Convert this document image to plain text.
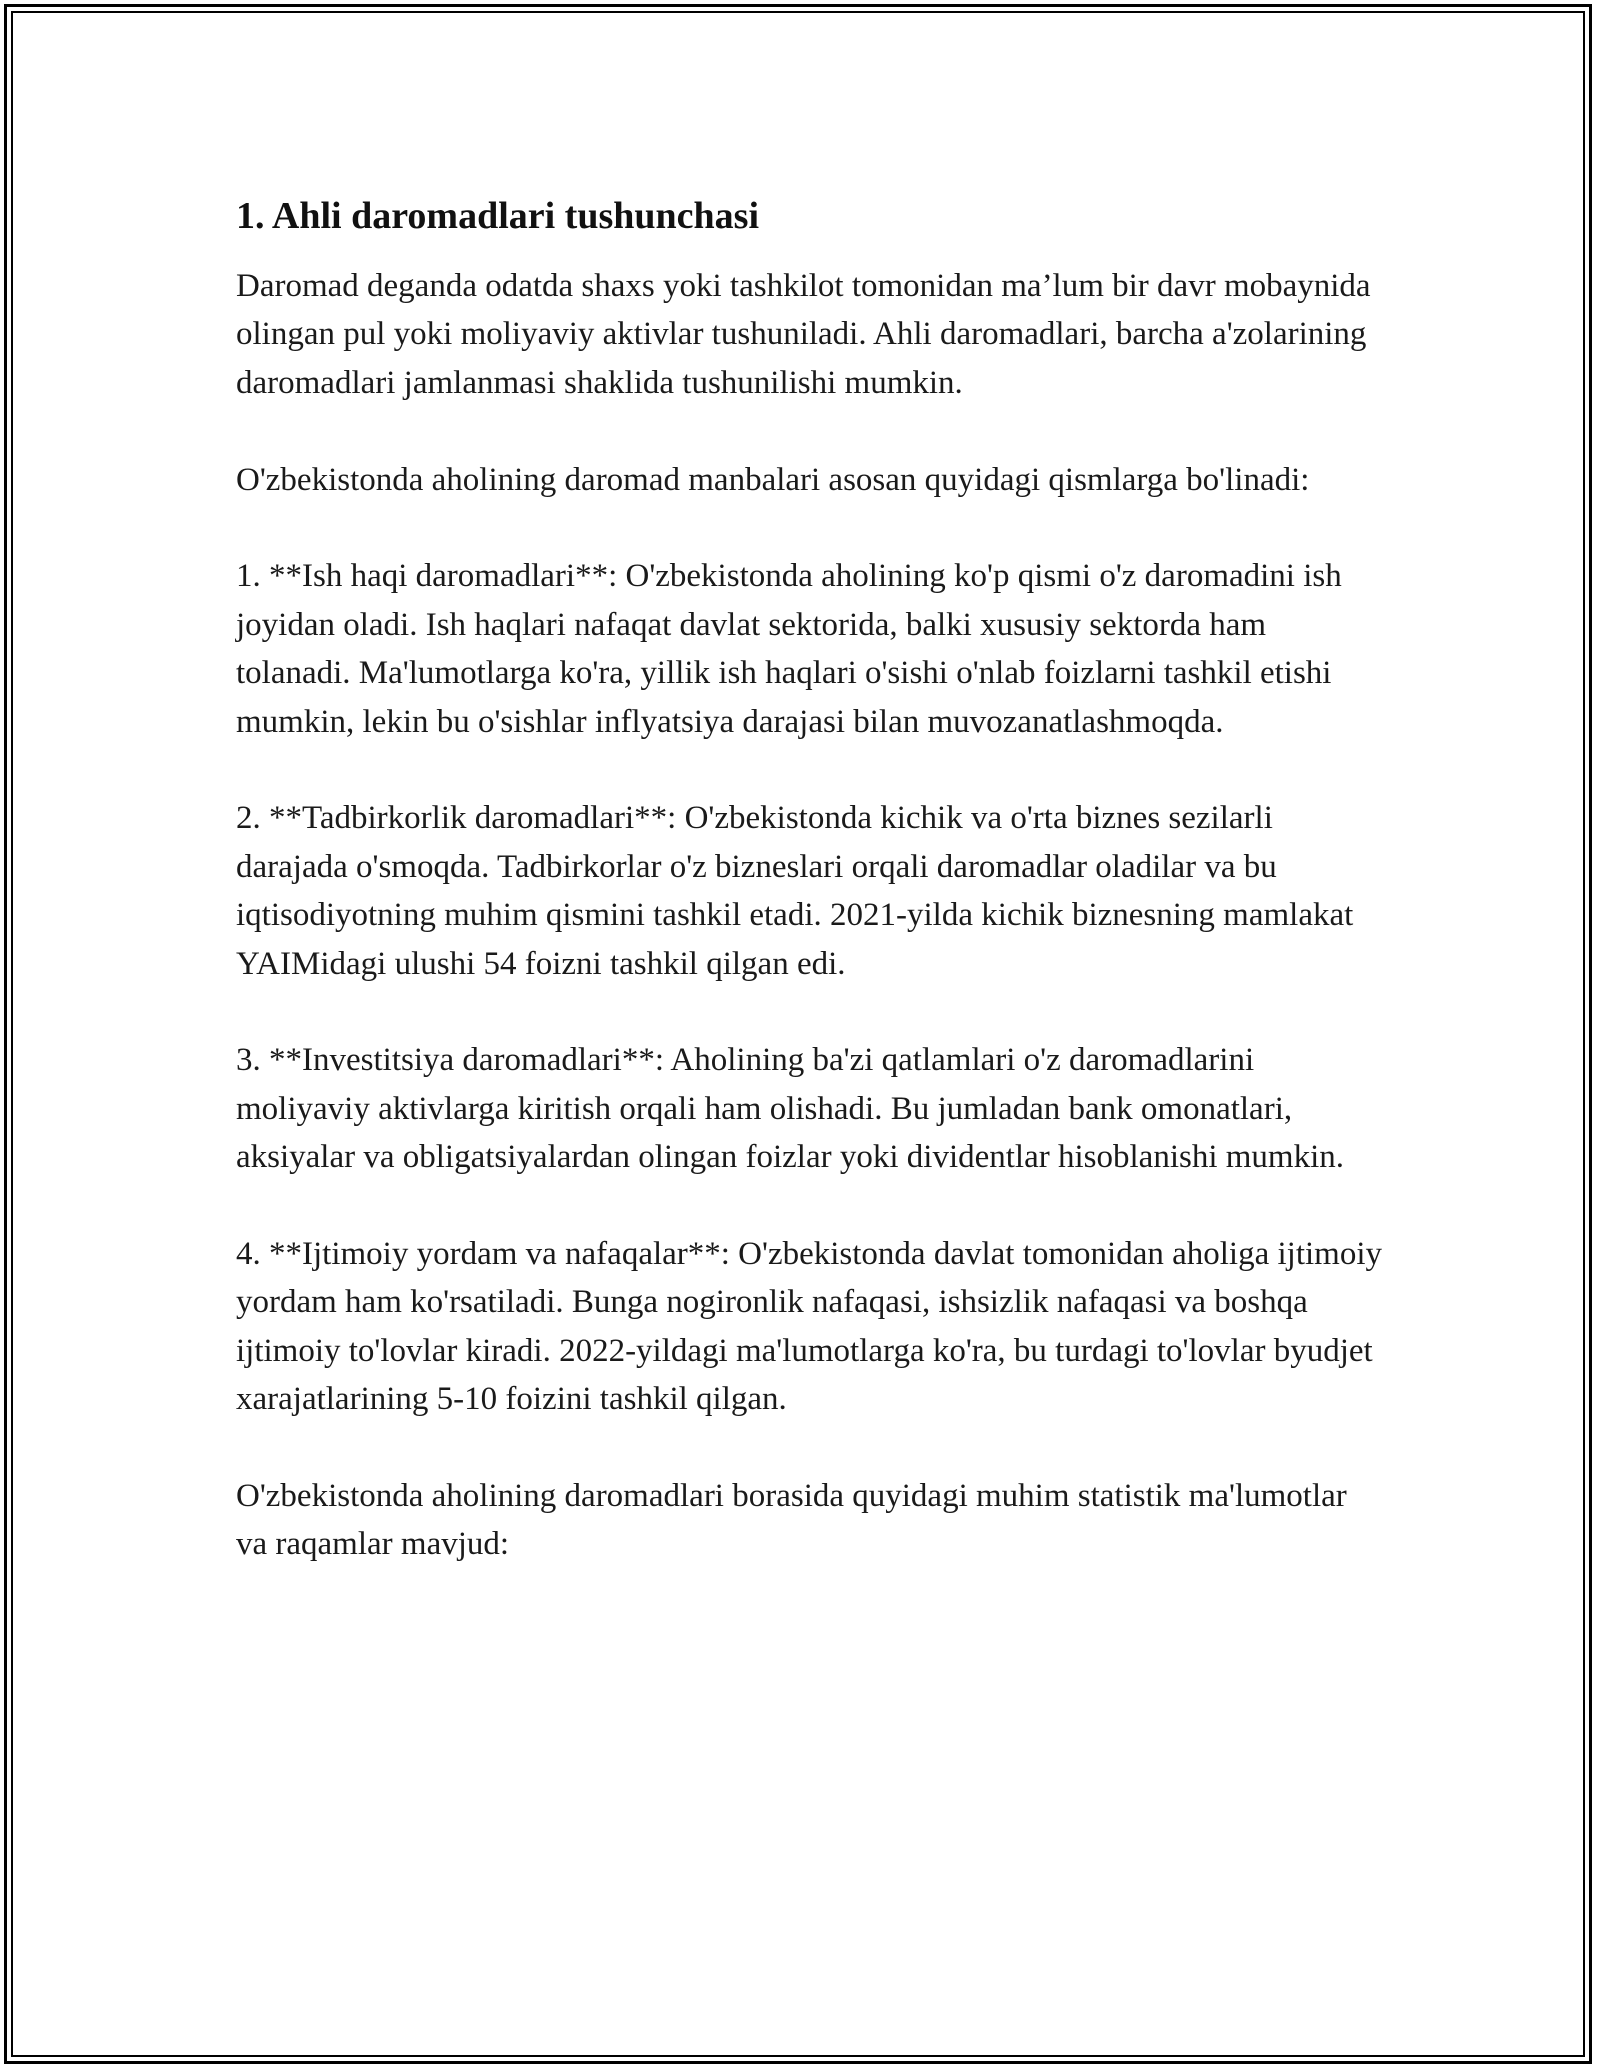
1. Ahli daromadlari tushunchasi

Daromad deganda odatda shaxs yoki tashkilot tomonidan ma’lum bir davr mobaynida olingan pul yoki moliyaviy aktivlar tushuniladi. Ahli daromadlari, barcha a'zolarining daromadlari jamlanmasi shaklida tushunilishi mumkin.

O'zbekistonda aholining daromad manbalari asosan quyidagi qismlarga bo'linadi:

1. **Ish haqi daromadlari**: O'zbekistonda aholining ko'p qismi o'z daromadini ish joyidan oladi. Ish haqlari nafaqat davlat sektorida, balki xususiy sektorda ham tolanadi. Ma'lumotlarga ko'ra, yillik ish haqlari o'sishi o'nlab foizlarni tashkil etishi mumkin, lekin bu o'sishlar inflyatsiya darajasi bilan muvozanatlashmoqda.

2. **Tadbirkorlik daromadlari**: O'zbekistonda kichik va o'rta biznes sezilarli darajada o'smoqda. Tadbirkorlar o'z bizneslari orqali daromadlar oladilar va bu iqtisodiyotning muhim qismini tashkil etadi. 2021-yilda kichik biznesning mamlakat YAIMidagi ulushi 54 foizni tashkil qilgan edi.

3. **Investitsiya daromadlari**: Aholining ba'zi qatlamlari o'z daromadlarini moliyaviy aktivlarga kiritish orqali ham olishadi. Bu jumladan bank omonatlari, aksiyalar va obligatsiyalardan olingan foizlar yoki dividentlar hisoblanishi mumkin.

4. **Ijtimoiy yordam va nafaqalar**: O'zbekistonda davlat tomonidan aholiga ijtimoiy yordam ham ko'rsatiladi. Bunga nogironlik nafaqasi, ishsizlik nafaqasi va boshqa ijtimoiy to'lovlar kiradi. 2022-yildagi ma'lumotlarga ko'ra, bu turdagi to'lovlar byudjet xarajatlarining 5-10 foizini tashkil qilgan.

O'zbekistonda aholining daromadlari borasida quyidagi muhim statistik ma'lumotlar va raqamlar mavjud:
